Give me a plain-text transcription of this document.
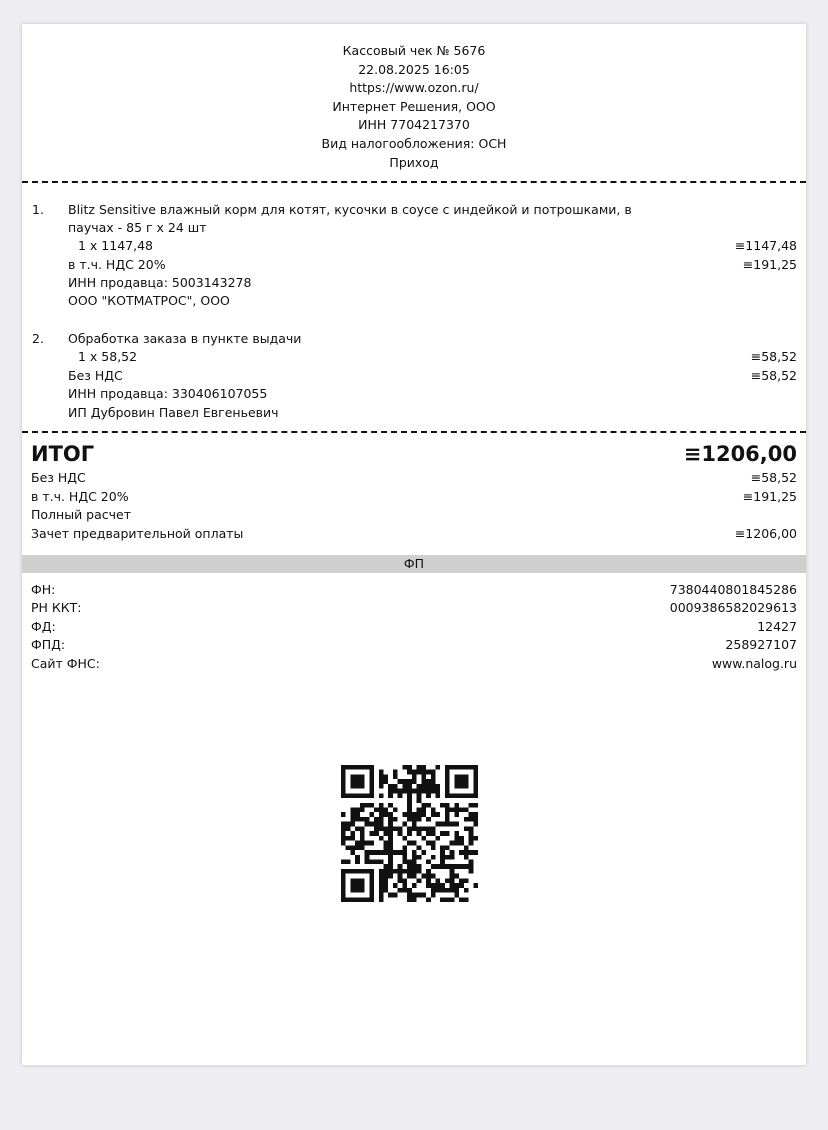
Кассовый чек № 5676
22.08.2025 16:05
https://www.ozon.ru/
Интернет Решения, ООО
ИНН 7704217370
Вид налогообложения: ОСН
Приход
1. Blitz Sensitive влажный корм для котят, кусочки в соусе с индейкой и потрошками, в
паучах - 85 г х 24 шт
1 x 1147,48	≡1147,48
в т.ч. НДС 20%	≡191,25
ИНН продавца: 5003143278
ООО "КОТМАТРОС", ООО
2. Обработка заказа в пункте выдачи
1 x 58,52	≡58,52
Без НДС	≡58,52
ИНН продавца: 330406107055
ИП Дубровин Павел Евгеньевич
ИТОГ	≡1206,00
Без НДС	≡58,52
в т.ч. НДС 20%	≡191,25
Полный расчет
Зачет предварительной оплаты	≡1206,00
ФП
ФН:	7380440801845286
РН ККТ:	0009386582029613
ФД:	12427
ФПД:	258927107
Сайт ФНС:	www.nalog.ru
